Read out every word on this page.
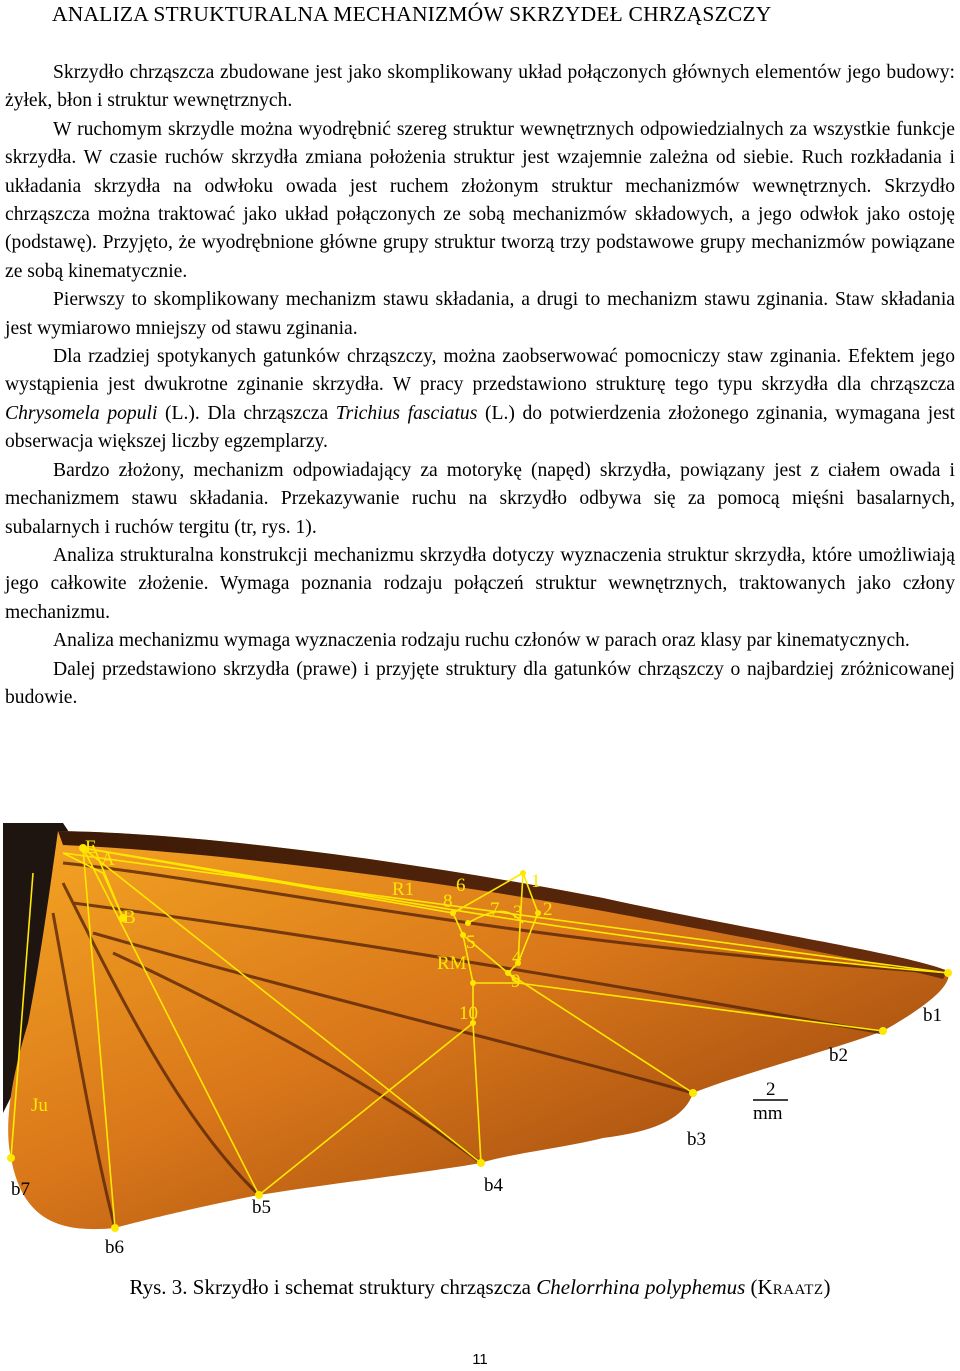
ANALIZA STRUKTURALNA MECHANIZMÓW SKRZYDEŁ CHRZĄSZCZY

Skrzydło chrząszcza zbudowane jest jako skomplikowany układ połączonych głównych elementów jego budowy: żyłek, błon i struktur wewnętrznych.

W ruchomym skrzydle można wyodrębnić szereg struktur wewnętrznych odpowiedzialnych za wszystkie funkcje skrzydła. W czasie ruchów skrzydła zmiana położenia struktur jest wzajemnie zależna od siebie. Ruch rozkładania i układania skrzydła na odwłoku owada jest ruchem złożonym struktur mechanizmów wewnętrznych. Skrzydło chrząszcza można traktować jako układ połączonych ze sobą mechanizmów składowych, a jego odwłok jako ostoję (podstawę). Przyjęto, że wyodrębnione główne grupy struktur tworzą trzy podstawowe grupy mechanizmów powiązane ze sobą kinematycznie.

Pierwszy to skomplikowany mechanizm stawu składania, a drugi to mechanizm stawu zginania. Staw składania jest wymiarowo mniejszy od stawu zginania.

Dla rzadziej spotykanych gatunków chrząszczy, można zaobserwować pomocniczy staw zginania. Efektem jego wystąpienia jest dwukrotne zginanie skrzydła. W pracy przedstawiono strukturę tego typu skrzydła dla chrząszcza Chrysomela populi (L.). Dla chrząszcza Trichius fasciatus (L.) do potwierdzenia złożonego zginania, wymagana jest obserwacja większej liczby egzemplarzy.

Bardzo złożony, mechanizm odpowiadający za motorykę (napęd) skrzydła, powiązany jest z ciałem owada i mechanizmem stawu składania. Przekazywanie ruchu na skrzydło odbywa się za pomocą mięśni basalarnych, subalarnych i ruchów tergitu (tr, rys. 1).

Analiza strukturalna konstrukcji mechanizmu skrzydła dotyczy wyznaczenia struktur skrzydła, które umożliwiają jego całkowite złożenie. Wymaga poznania rodzaju połączeń struktur wewnętrznych, traktowanych jako człony mechanizmu.

Analiza mechanizmu wymaga wyznaczenia rodzaju ruchu członów w parach oraz klasy par kinematycznych.

Dalej przedstawiono skrzydła (prawe) i przyjęte struktury dla gatunków chrząszczy o najbardziej zróżnicowanej budowie.

E
A
B
R1
RM
Ju
1
2
3
4
5
6
7
8
9
10	b1
b2
b3
b4
b5
b6
b7
2
mm
Rys. 3. Skrzydło i schemat struktury chrząszcza Chelorrhina polyphemus (KRAATZ)
11
